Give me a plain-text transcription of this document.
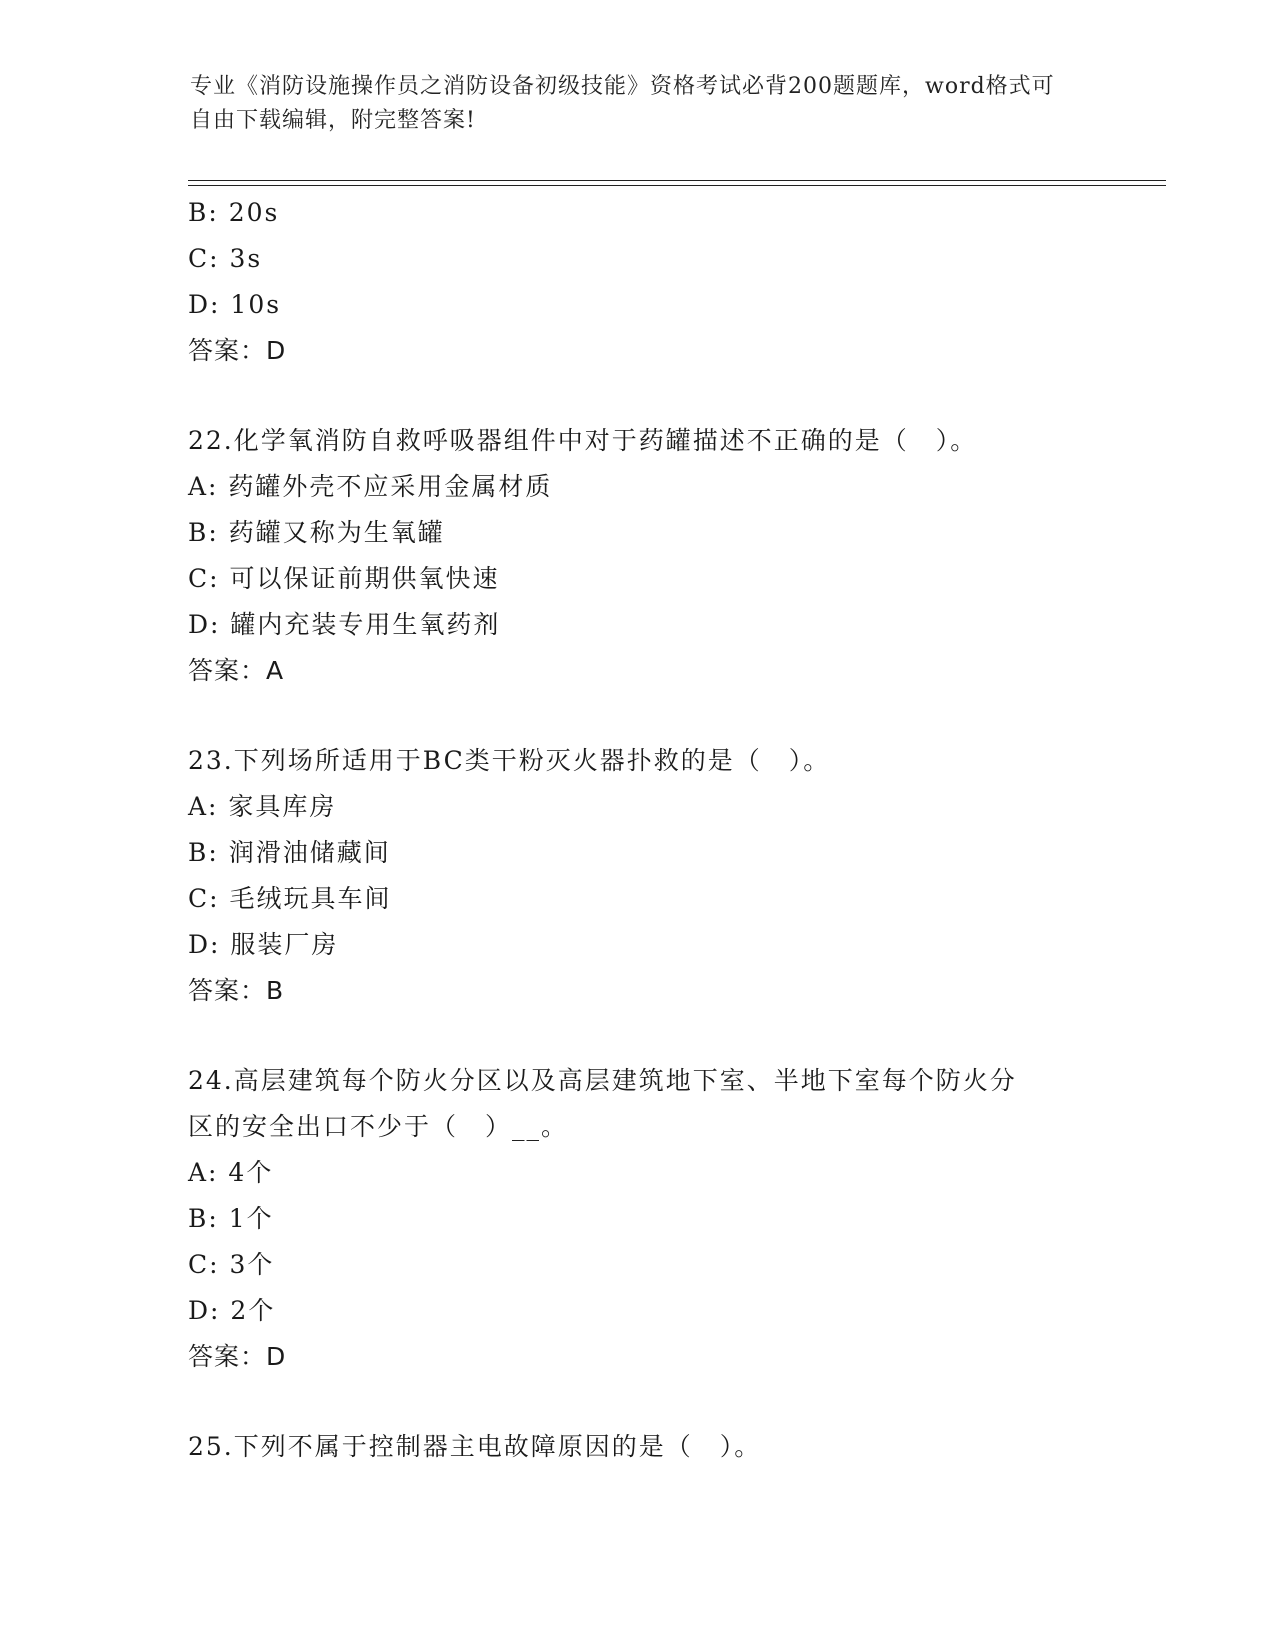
专业《消防设施操作员之消防设备初级技能》资格考试必背200题题库，word格式可自由下载编辑，附完整答案!
B: 20s
C: 3s
D: 10s
答案：D
22.化学氧消防自救呼吸器组件中对于药罐描述不正确的是（　）。
A: 药罐外壳不应采用金属材质
B: 药罐又称为生氧罐
C: 可以保证前期供氧快速
D: 罐内充装专用生氧药剂
答案：A
23.下列场所适用于BC类干粉灭火器扑救的是（　）。
A: 家具库房
B: 润滑油储藏间
C: 毛绒玩具车间
D: 服装厂房
答案：B
24.高层建筑每个防火分区以及高层建筑地下室、半地下室每个防火分
区的安全出口不少于（　）__。
A: 4个
B: 1个
C: 3个
D: 2个
答案：D
25.下列不属于控制器主电故障原因的是（　）。
